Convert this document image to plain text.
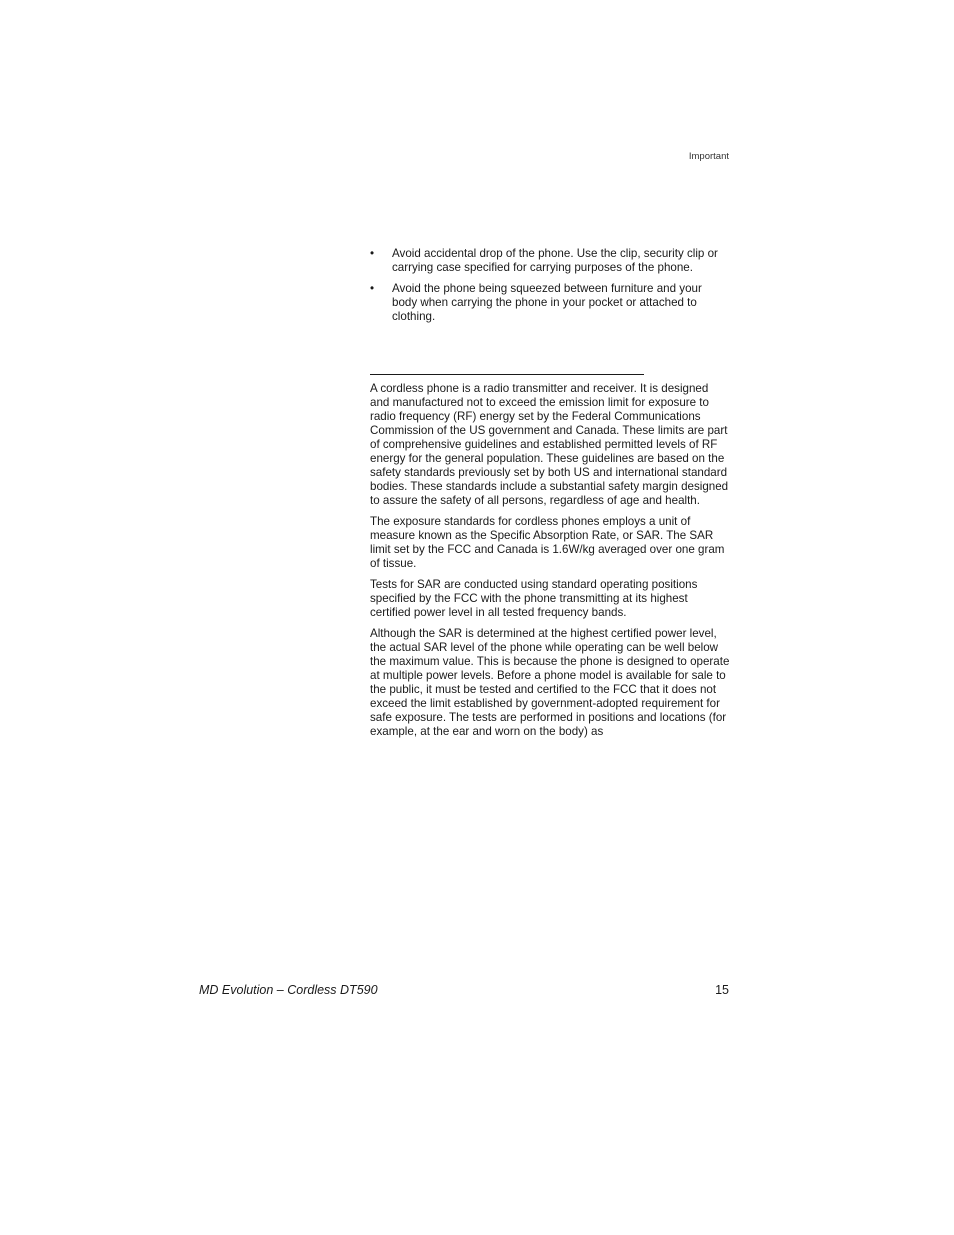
Important
•	Avoid accidental drop of the phone. Use the clip, security clip or carrying case specified for carrying purposes of the phone.
•	Avoid the phone being squeezed between furniture and your body when carrying the phone in your pocket or attached to clothing.

A cordless phone is a radio transmitter and receiver. It is designed and manufactured not to exceed the emission limit for exposure to radio frequency (RF) energy set by the Federal Communications Commission of the US government and Canada. These limits are part of comprehensive guidelines and established permitted levels of RF energy for the general population. These guidelines are based on the safety standards previously set by both US and international standard bodies. These standards include a substantial safety margin designed to assure the safety of all persons, regardless of age and health.

The exposure standards for cordless phones employs a unit of measure known as the Specific Absorption Rate, or SAR. The SAR limit set by the FCC and Canada is 1.6W/kg averaged over one gram of tissue.

Tests for SAR are conducted using standard operating positions specified by the FCC with the phone transmitting at its highest certified power level in all tested frequency bands.

Although the SAR is determined at the highest certified power level, the actual SAR level of the phone while operating can be well below the maximum value. This is because the phone is designed to operate at multiple power levels. Before a phone model is available for sale to the public, it must be tested and certified to the FCC that it does not exceed the limit established by government-adopted requirement for safe exposure. The tests are performed in positions and locations (for example, at the ear and worn on the body) as

MD Evolution – Cordless DT590	15
